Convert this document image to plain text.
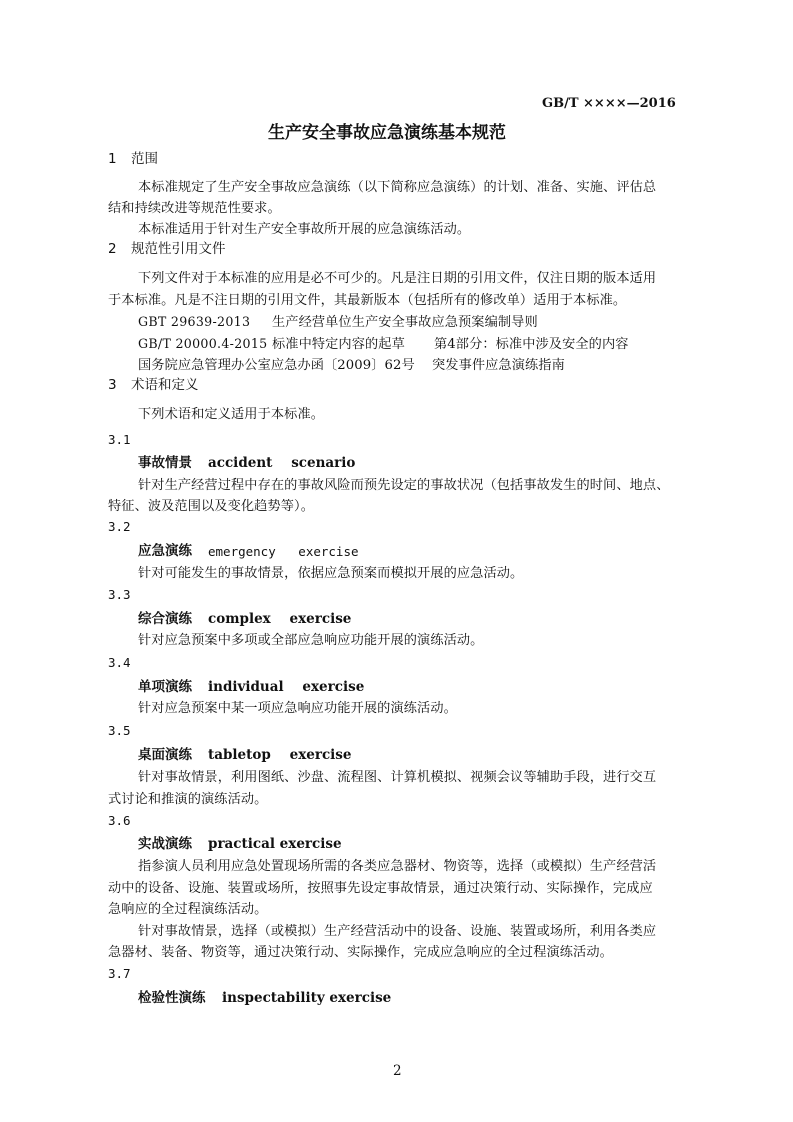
GB/T ××××—2016
生产安全事故应急演练基本规范
1 范围
本标准规定了生产安全事故应急演练（以下简称应急演练）的计划、准备、实施、评估总
结和持续改进等规范性要求。
本标准适用于针对生产安全事故所开展的应急演练活动。
2 规范性引用文件
下列文件对于本标准的应用是必不可少的。凡是注日期的引用文件，仅注日期的版本适用
于本标准。凡是不注日期的引用文件，其最新版本（包括所有的修改单）适用于本标准。
GBT 29639-2013 生产经营单位生产安全事故应急预案编制导则
GB/T 20000.4-2015 标准中特定内容的起草 第4部分：标准中涉及安全的内容
国务院应急管理办公室应急办函〔2009〕62号 突发事件应急演练指南
3 术语和定义
下列术语和定义适用于本标准。
3.1
事故情景 accident    scenario
针对生产经营过程中存在的事故风险而预先设定的事故状况（包括事故发生的时间、地点、
特征、波及范围以及变化趋势等）。
3.2
应急演练 emergency   exercise
针对可能发生的事故情景，依据应急预案而模拟开展的应急活动。
3.3
综合演练 complex    exercise
针对应急预案中多项或全部应急响应功能开展的演练活动。
3.4
单项演练 individual    exercise
针对应急预案中某一项应急响应功能开展的演练活动。
3.5
桌面演练 tabletop    exercise
针对事故情景，利用图纸、沙盘、流程图、计算机模拟、视频会议等辅助手段，进行交互
式讨论和推演的演练活动。
3.6
实战演练 practical exercise
指参演人员利用应急处置现场所需的各类应急器材、物资等，选择（或模拟）生产经营活
动中的设备、设施、装置或场所，按照事先设定事故情景，通过决策行动、实际操作，完成应
急响应的全过程演练活动。
针对事故情景，选择（或模拟）生产经营活动中的设备、设施、装置或场所，利用各类应
急器材、装备、物资等，通过决策行动、实际操作，完成应急响应的全过程演练活动。
3.7
检验性演练 inspectability exercise
2
